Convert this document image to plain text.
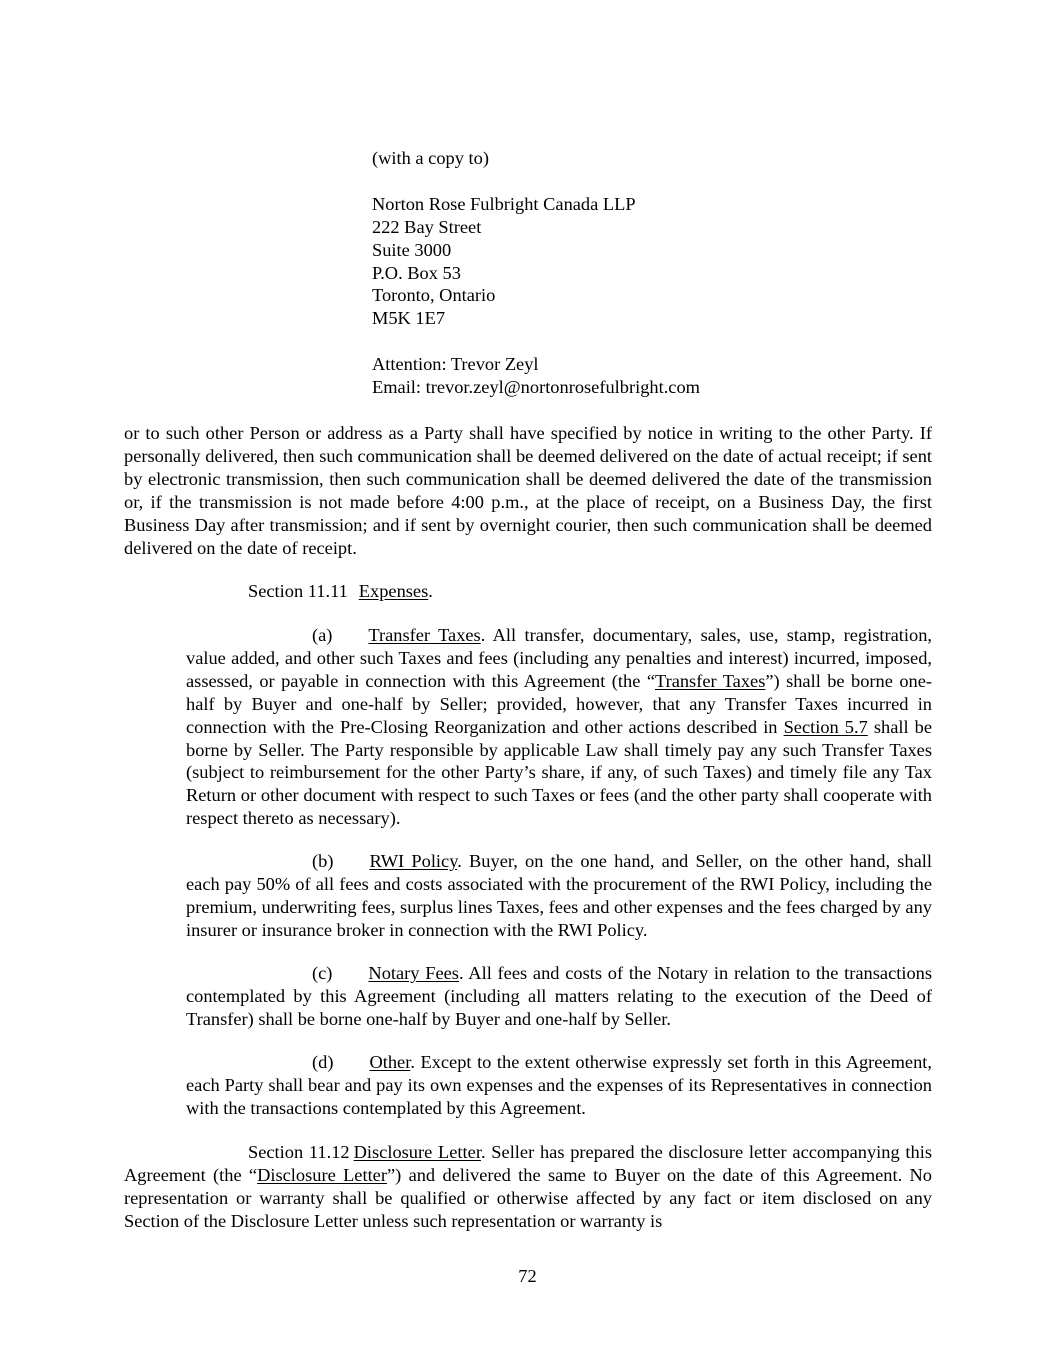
(with a copy to)
Norton Rose Fulbright Canada LLP
222 Bay Street
Suite 3000
P.O. Box 53
Toronto, Ontario
M5K 1E7
Attention: Trevor Zeyl
Email: trevor.zeyl@nortonrosefulbright.com
or to such other Person or address as a Party shall have specified by notice in writing to the other Party. If personally delivered, then such communication shall be deemed delivered on the date of actual receipt; if sent by electronic transmission, then such communication shall be deemed delivered the date of the transmission or, if the transmission is not made before 4:00 p.m., at the place of receipt, on a Business Day, the first Business Day after transmission; and if sent by overnight courier, then such communication shall be deemed delivered on the date of receipt.
Section 11.11 Expenses.
(a) Transfer Taxes. All transfer, documentary, sales, use, stamp, registration, value added, and other such Taxes and fees (including any penalties and interest) incurred, imposed, assessed, or payable in connection with this Agreement (the “Transfer Taxes”) shall be borne one-half by Buyer and one-half by Seller; provided, however, that any Transfer Taxes incurred in connection with the Pre-Closing Reorganization and other actions described in Section 5.7 shall be borne by Seller. The Party responsible by applicable Law shall timely pay any such Transfer Taxes (subject to reimbursement for the other Party’s share, if any, of such Taxes) and timely file any Tax Return or other document with respect to such Taxes or fees (and the other party shall cooperate with respect thereto as necessary).
(b) RWI Policy. Buyer, on the one hand, and Seller, on the other hand, shall each pay 50% of all fees and costs associated with the procurement of the RWI Policy, including the premium, underwriting fees, surplus lines Taxes, fees and other expenses and the fees charged by any insurer or insurance broker in connection with the RWI Policy.
(c) Notary Fees. All fees and costs of the Notary in relation to the transactions contemplated by this Agreement (including all matters relating to the execution of the Deed of Transfer) shall be borne one-half by Buyer and one-half by Seller.
(d) Other. Except to the extent otherwise expressly set forth in this Agreement, each Party shall bear and pay its own expenses and the expenses of its Representatives in connection with the transactions contemplated by this Agreement.
Section 11.12 Disclosure Letter. Seller has prepared the disclosure letter accompanying this Agreement (the “Disclosure Letter”) and delivered the same to Buyer on the date of this Agreement. No representation or warranty shall be qualified or otherwise affected by any fact or item disclosed on any Section of the Disclosure Letter unless such representation or warranty is
72
